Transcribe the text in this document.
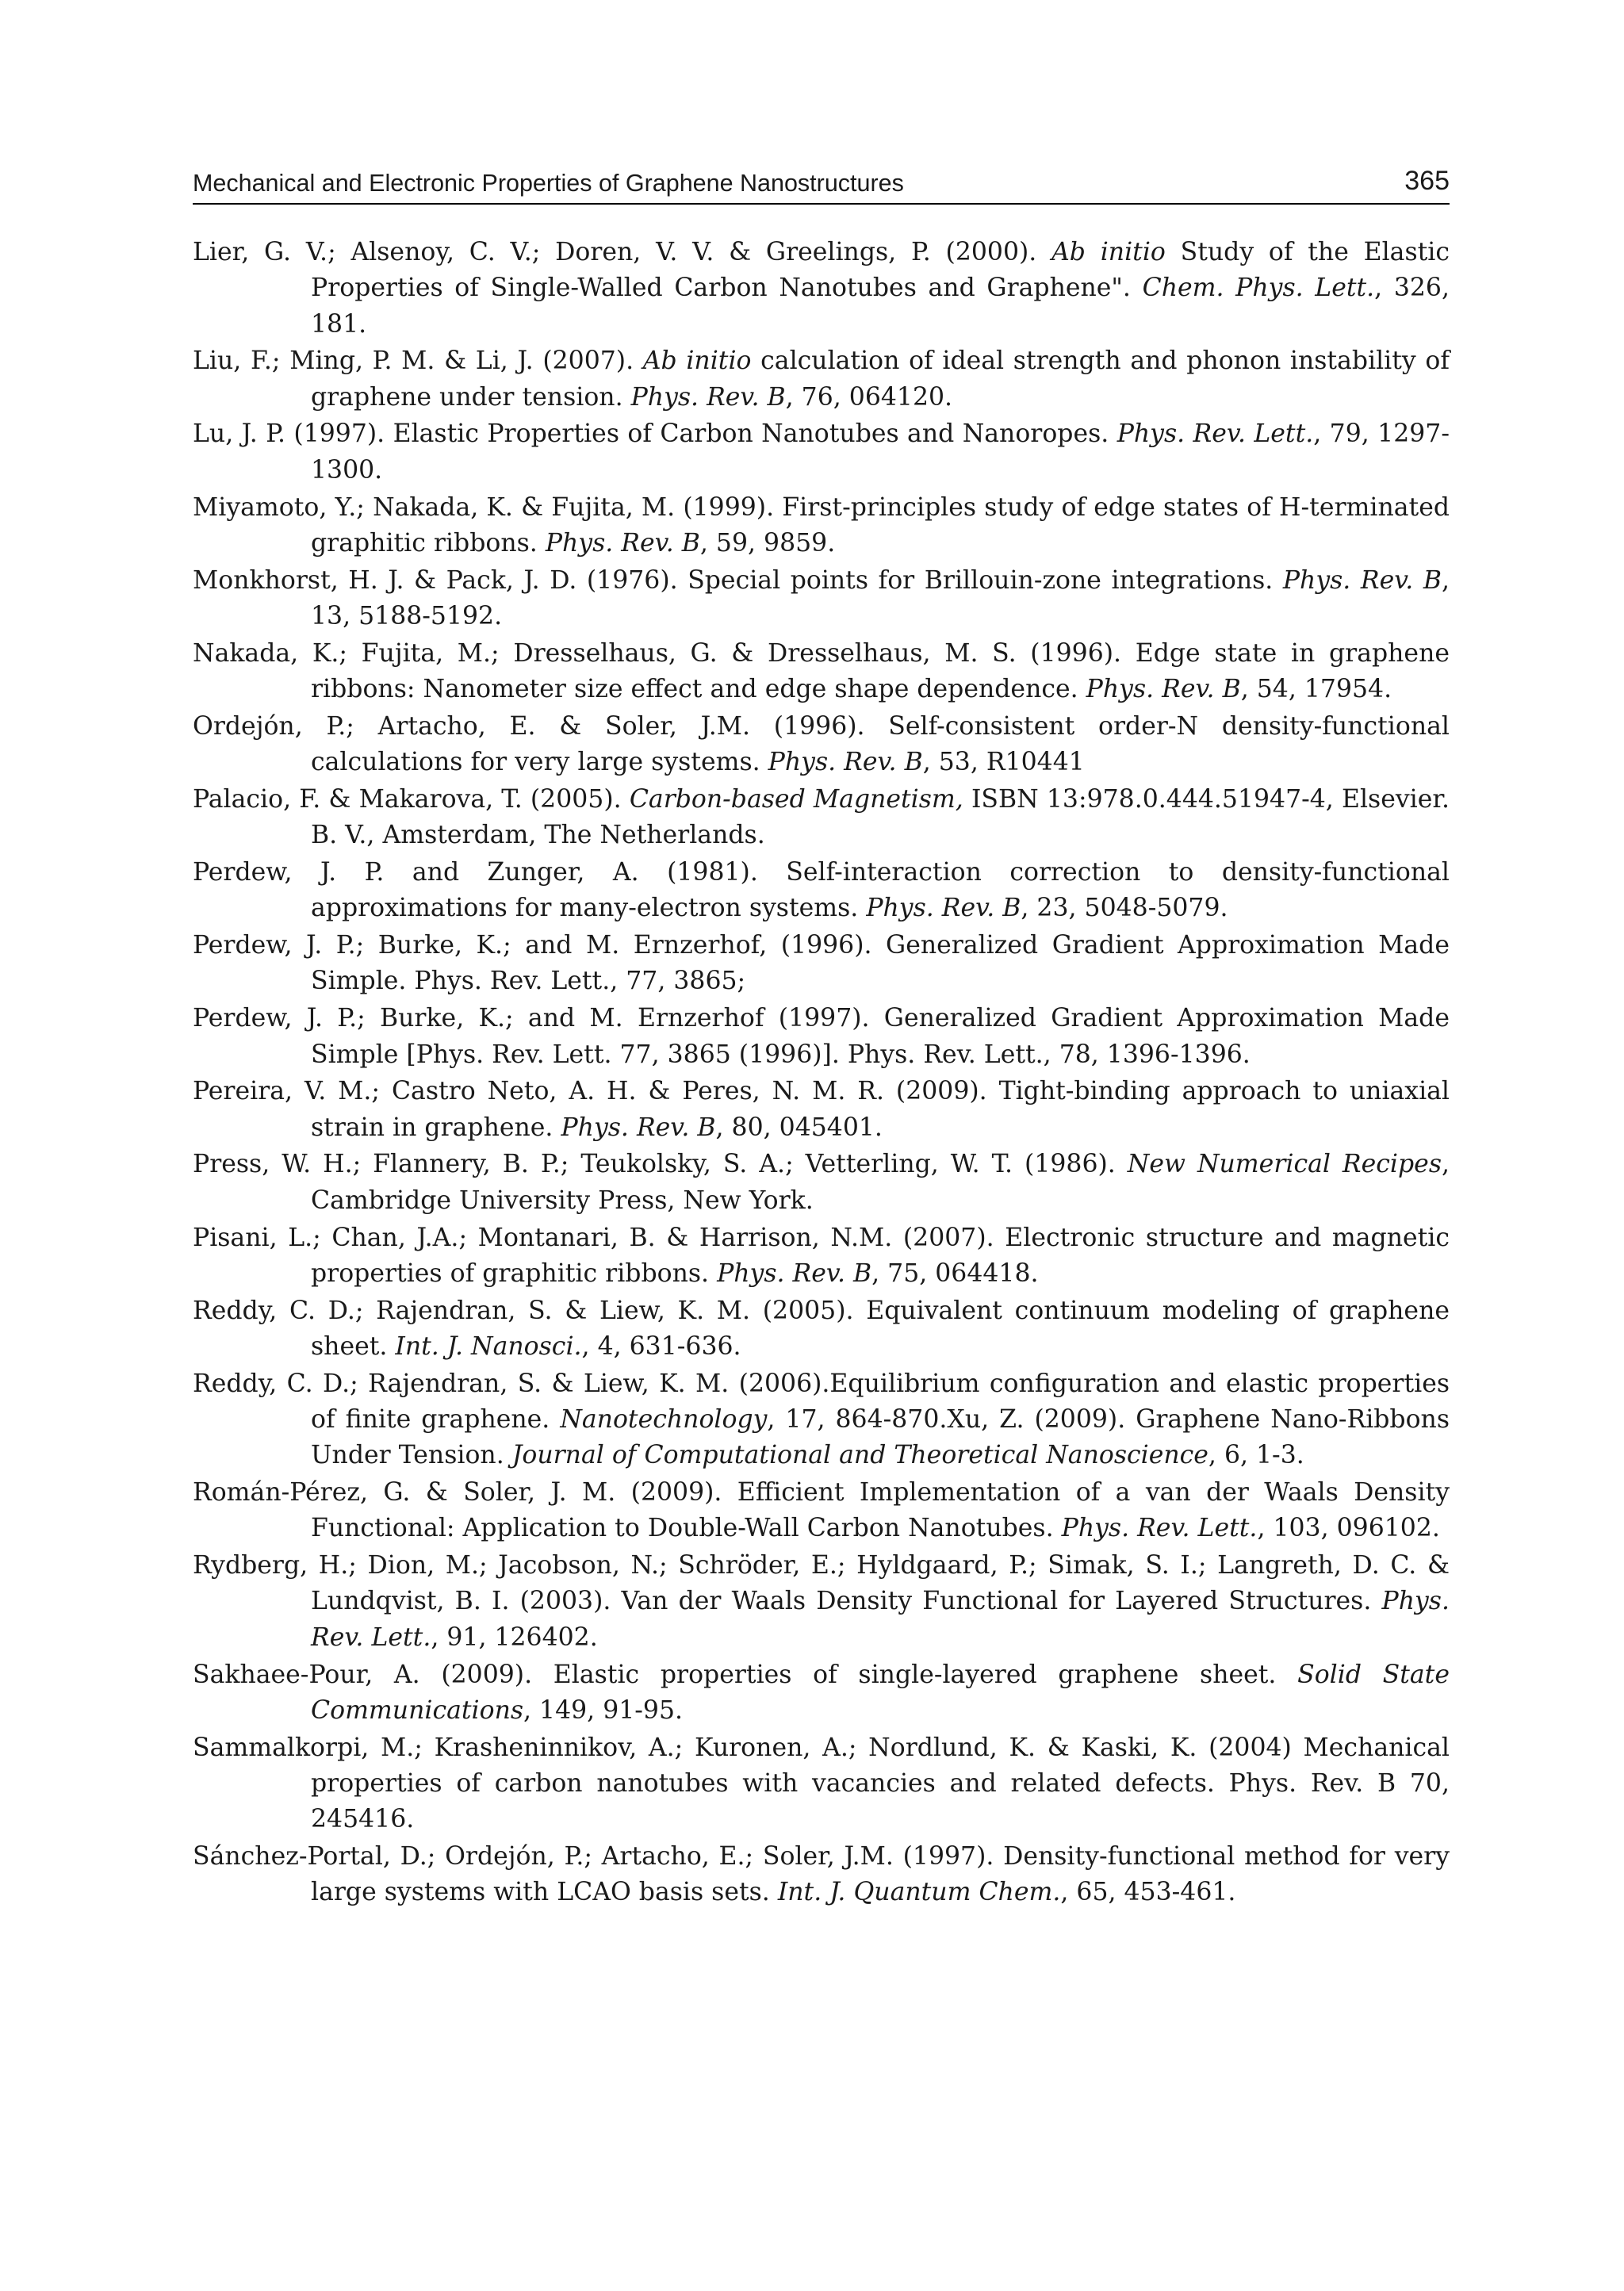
Mechanical and Electronic Properties of Graphene Nanostructures	365
Lier, G. V.; Alsenoy, C. V.; Doren, V. V. & Greelings, P. (2000). Ab initio Study of the Elastic Properties of Single-Walled Carbon Nanotubes and Graphene". Chem. Phys. Lett., 326, 181.
Liu, F.; Ming, P. M. & Li, J. (2007). Ab initio calculation of ideal strength and phonon instability of graphene under tension. Phys. Rev. B, 76, 064120.
Lu, J. P. (1997). Elastic Properties of Carbon Nanotubes and Nanoropes. Phys. Rev. Lett., 79, 1297-1300.
Miyamoto, Y.; Nakada, K. & Fujita, M. (1999). First-principles study of edge states of H-terminated graphitic ribbons. Phys. Rev. B, 59, 9859.
Monkhorst, H. J. & Pack, J. D. (1976). Special points for Brillouin-zone integrations. Phys. Rev. B, 13, 5188-5192.
Nakada, K.; Fujita, M.; Dresselhaus, G. & Dresselhaus, M. S. (1996). Edge state in graphene ribbons: Nanometer size effect and edge shape dependence. Phys. Rev. B, 54, 17954.
Ordejón, P.; Artacho, E. & Soler, J.M. (1996). Self-consistent order-N density-functional calculations for very large systems. Phys. Rev. B, 53, R10441
Palacio, F. & Makarova, T. (2005). Carbon-based Magnetism, ISBN 13:978.0.444.51947-4, Elsevier. B. V., Amsterdam, The Netherlands.
Perdew, J. P. and Zunger, A. (1981). Self-interaction correction to density-functional approximations for many-electron systems. Phys. Rev. B, 23, 5048-5079.
Perdew, J. P.; Burke, K.; and M. Ernzerhof, (1996). Generalized Gradient Approximation Made Simple. Phys. Rev. Lett., 77, 3865;
Perdew, J. P.; Burke, K.; and M. Ernzerhof (1997). Generalized Gradient Approximation Made Simple [Phys. Rev. Lett. 77, 3865 (1996)]. Phys. Rev. Lett., 78, 1396-1396.
Pereira, V. M.; Castro Neto, A. H. & Peres, N. M. R. (2009). Tight-binding approach to uniaxial strain in graphene. Phys. Rev. B, 80, 045401.
Press, W. H.; Flannery, B. P.; Teukolsky, S. A.; Vetterling, W. T. (1986). New Numerical Recipes, Cambridge University Press, New York.
Pisani, L.; Chan, J.A.; Montanari, B. & Harrison, N.M. (2007). Electronic structure and magnetic properties of graphitic ribbons. Phys. Rev. B, 75, 064418.
Reddy, C. D.; Rajendran, S. & Liew, K. M. (2005). Equivalent continuum modeling of graphene sheet. Int. J. Nanosci., 4, 631-636.
Reddy, C. D.; Rajendran, S. & Liew, K. M. (2006).Equilibrium configuration and elastic properties of finite graphene. Nanotechnology, 17, 864-870.Xu, Z. (2009). Graphene Nano-Ribbons Under Tension. Journal of Computational and Theoretical Nanoscience, 6, 1-3.
Román-Pérez, G. & Soler, J. M. (2009). Efficient Implementation of a van der Waals Density Functional: Application to Double-Wall Carbon Nanotubes. Phys. Rev. Lett., 103, 096102.
Rydberg, H.; Dion, M.; Jacobson, N.; Schröder, E.; Hyldgaard, P.; Simak, S. I.; Langreth, D. C. & Lundqvist, B. I. (2003). Van der Waals Density Functional for Layered Structures. Phys. Rev. Lett., 91, 126402.
Sakhaee-Pour, A. (2009). Elastic properties of single-layered graphene sheet. Solid State Communications, 149, 91-95.
Sammalkorpi, M.; Krasheninnikov, A.; Kuronen, A.; Nordlund, K. & Kaski, K. (2004) Mechanical properties of carbon nanotubes with vacancies and related defects. Phys. Rev. B 70, 245416.
Sánchez-Portal, D.; Ordejón, P.; Artacho, E.; Soler, J.M. (1997). Density-functional method for very large systems with LCAO basis sets. Int. J. Quantum Chem., 65, 453-461.
